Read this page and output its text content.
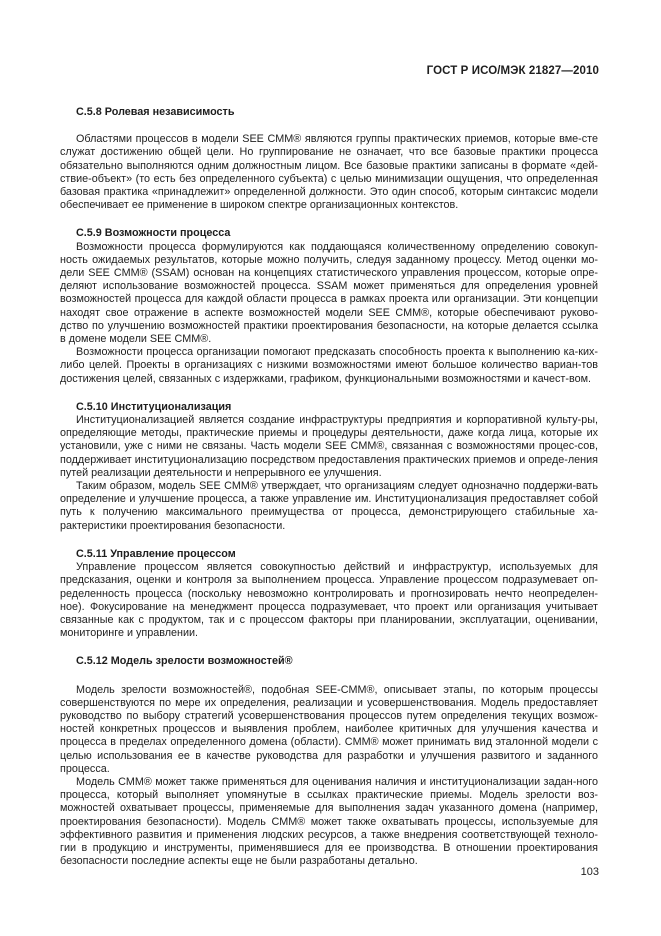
ГОСТ Р ИСО/МЭК 21827—2010
С.5.8 Ролевая независимость

Областями процессов в модели SEE CMM® являются группы практических приемов, которые вме-сте служат достижению общей цели. Но группирование не означает, что все базовые практики процесса обязательно выполняются одним должностным лицом. Все базовые практики записаны в формате «дей-ствие-объект» (то есть без определенного субъекта) с целью минимизации ощущения, что определенная базовая практика «принадлежит» определенной должности. Это один способ, которым синтаксис модели обеспечивает ее применение в широком спектре организационных контекстов.

С.5.9 Возможности процесса

Возможности процесса формулируются как поддающаяся количественному определению совокуп-ность ожидаемых результатов, которые можно получить, следуя заданному процессу. Метод оценки мо-дели SEE CMM® (SSAM) основан на концепциях статистического управления процессом, которые опре-деляют использование возможностей процесса. SSAM может применяться для определения уровней возможностей процесса для каждой области процесса в рамках проекта или организации. Эти концепции находят свое отражение в аспекте возможностей модели SEE CMM®, которые обеспечивают руково-дство по улучшению возможностей практики проектирования безопасности, на которые делается ссылка в домене модели SEE CMM®.

Возможности процесса организации помогают предсказать способность проекта к выполнению ка-ких-либо целей. Проекты в организациях с низкими возможностями имеют большое количество вариан-тов достижения целей, связанных с издержками, графиком, функциональными возможностями и качест-вом.

С.5.10 Институционализация

Институционализацией является создание инфраструктуры предприятия и корпоративной культу-ры, определяющие методы, практические приемы и процедуры деятельности, даже когда лица, которые их установили, уже с ними не связаны. Часть модели SEE CMM®, связанная с возможностями процес-сов, поддерживает институционализацию посредством предоставления практических приемов и опреде-ления путей реализации деятельности и непрерывного ее улучшения.

Таким образом, модель SEE CMM® утверждает, что организациям следует однозначно поддержи-вать определение и улучшение процесса, а также управление им. Институционализация предоставляет собой путь к получению максимального преимущества от процесса, демонстрирующего стабильные ха-рактеристики проектирования безопасности.

С.5.11 Управление процессом

Управление процессом является совокупностью действий и инфраструктур, используемых для предсказания, оценки и контроля за выполнением процесса. Управление процессом подразумевает оп-ределенность процесса (поскольку невозможно контролировать и прогнозировать нечто неопределен-ное). Фокусирование на менеджмент процесса подразумевает, что проект или организация учитывает связанные как с продуктом, так и с процессом факторы при планировании, эксплуатации, оценивании, мониторинге и управлении.

С.5.12 Модель зрелости возможностей®

Модель зрелости возможностей®, подобная SEE-CMM®, описывает этапы, по которым процессы совершенствуются по мере их определения, реализации и усовершенствования. Модель предоставляет руководство по выбору стратегий усовершенствования процессов путем определения текущих возмож-ностей конкретных процессов и выявления проблем, наиболее критичных для улучшения качества и процесса в пределах определенного домена (области). CMM® может принимать вид эталонной модели с целью использования ее в качестве руководства для разработки и улучшения развитого и заданного процесса.

Модель CMM® может также применяться для оценивания наличия и институционализации задан-ного процесса, который выполняет упомянутые в ссылках практические приемы. Модель зрелости воз-можностей охватывает процессы, применяемые для выполнения задач указанного домена (например, проектирования безопасности). Модель CMM® может также охватывать процессы, используемые для эффективного развития и применения людских ресурсов, а также внедрения соответствующей техноло-гии в продукцию и инструменты, применявшиеся для ее производства. В отношении проектирования безопасности последние аспекты еще не были разработаны детально.

103
